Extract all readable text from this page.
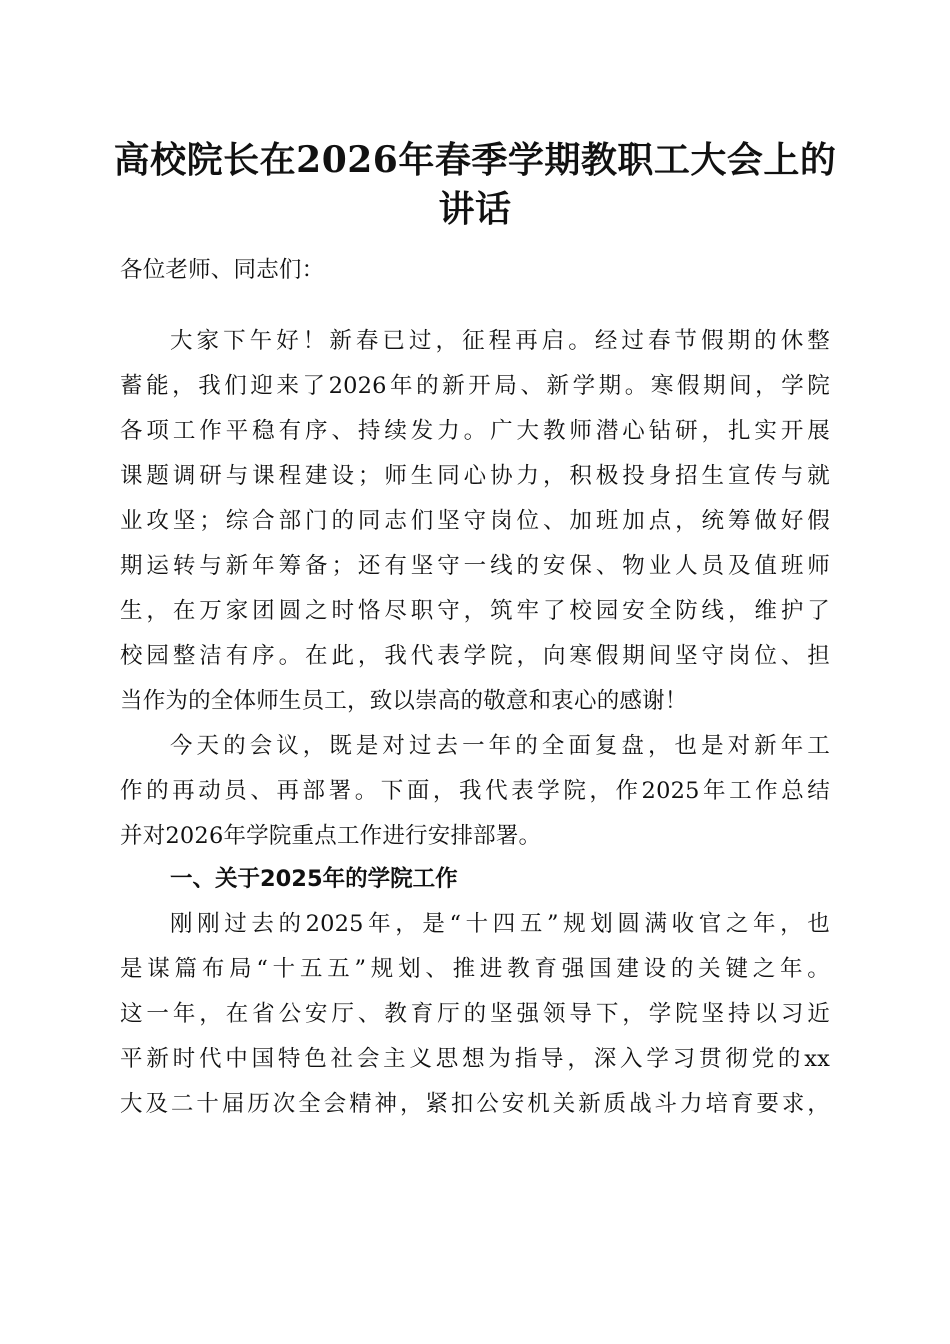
高校院长在2026年春季学期教职工大会上的
讲话
各位老师、同志们：
大家下午好！新春已过，征程再启。经过春节假期的休整
蓄能，我们迎来了2026年的新开局、新学期。寒假期间，学院
各项工作平稳有序、持续发力。广大教师潜心钻研，扎实开展
课题调研与课程建设；师生同心协力，积极投身招生宣传与就
业攻坚；综合部门的同志们坚守岗位、加班加点，统筹做好假
期运转与新年筹备；还有坚守一线的安保、物业人员及值班师
生，在万家团圆之时恪尽职守，筑牢了校园安全防线，维护了
校园整洁有序。在此，我代表学院，向寒假期间坚守岗位、担
当作为的全体师生员工，致以崇高的敬意和衷心的感谢！
今天的会议，既是对过去一年的全面复盘，也是对新年工
作的再动员、再部署。下面，我代表学院，作2025年工作总结
并对2026年学院重点工作进行安排部署。
一、关于2025年的学院工作
刚刚过去的2025年，是“十四五”规划圆满收官之年，也
是谋篇布局“十五五”规划、推进教育强国建设的关键之年。
这一年，在省公安厅、教育厅的坚强领导下，学院坚持以习近
平新时代中国特色社会主义思想为指导，深入学习贯彻党的xx
大及二十届历次全会精神，紧扣公安机关新质战斗力培育要求，
